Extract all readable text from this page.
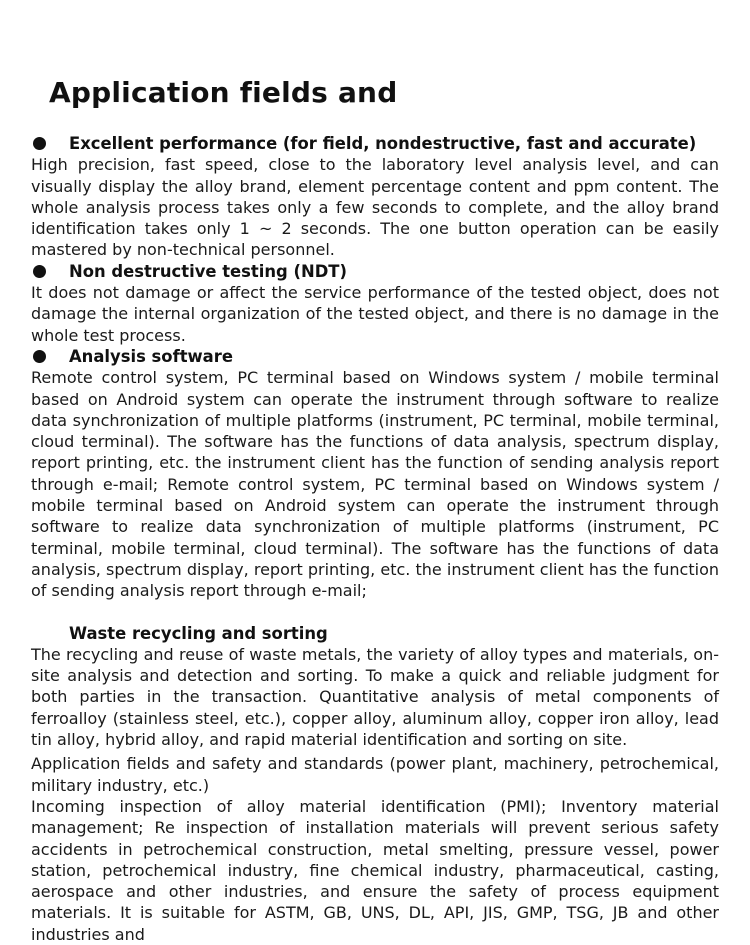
Application fields and
Excellent performance (for field, nondestructive, fast and accurate)

High precision, fast speed, close to the laboratory level analysis level, and can visually display the alloy brand, element percentage content and ppm content. The whole analysis process takes only a few seconds to complete, and the alloy brand identification takes only 1 ~ 2 seconds. The one button operation can be easily mastered by non-technical personnel.

Non destructive testing (NDT)

It does not damage or affect the service performance of the tested object, does not damage the internal organization of the tested object, and there is no damage in the whole test process.

Analysis software

Remote control system, PC terminal based on Windows system / mobile terminal based on Android system can operate the instrument through software to realize data synchronization of multiple platforms (instrument, PC terminal, mobile terminal, cloud terminal). The software has the functions of data analysis, spectrum display, report printing, etc. the instrument client has the function of sending analysis report through e-mail; Remote control system, PC terminal based on Windows system / mobile terminal based on Android system can operate the instrument through software to realize data synchronization of multiple platforms (instrument, PC terminal, mobile terminal, cloud terminal). The software has the functions of data analysis, spectrum display, report printing, etc. the instrument client has the function of sending analysis report through e-mail;

Waste recycling and sorting

The recycling and reuse of waste metals, the variety of alloy types and materials, on-site analysis and detection and sorting. To make a quick and reliable judgment for both parties in the transaction. Quantitative analysis of metal components of ferroalloy (stainless steel, etc.), copper alloy, aluminum alloy, copper iron alloy, lead tin alloy, hybrid alloy, and rapid material identification and sorting on site.

Application fields and safety and standards (power plant, machinery, petrochemical, military industry, etc.)

Incoming inspection of alloy material identification (PMI); Inventory material management; Re inspection of installation materials will prevent serious safety accidents in petrochemical construction, metal smelting, pressure vessel, power station, petrochemical industry, fine chemical industry, pharmaceutical, casting, aerospace and other industries, and ensure the safety of process equipment materials. It is suitable for ASTM, GB, UNS, DL, API, JIS, GMP, TSG, JB and other industries and
